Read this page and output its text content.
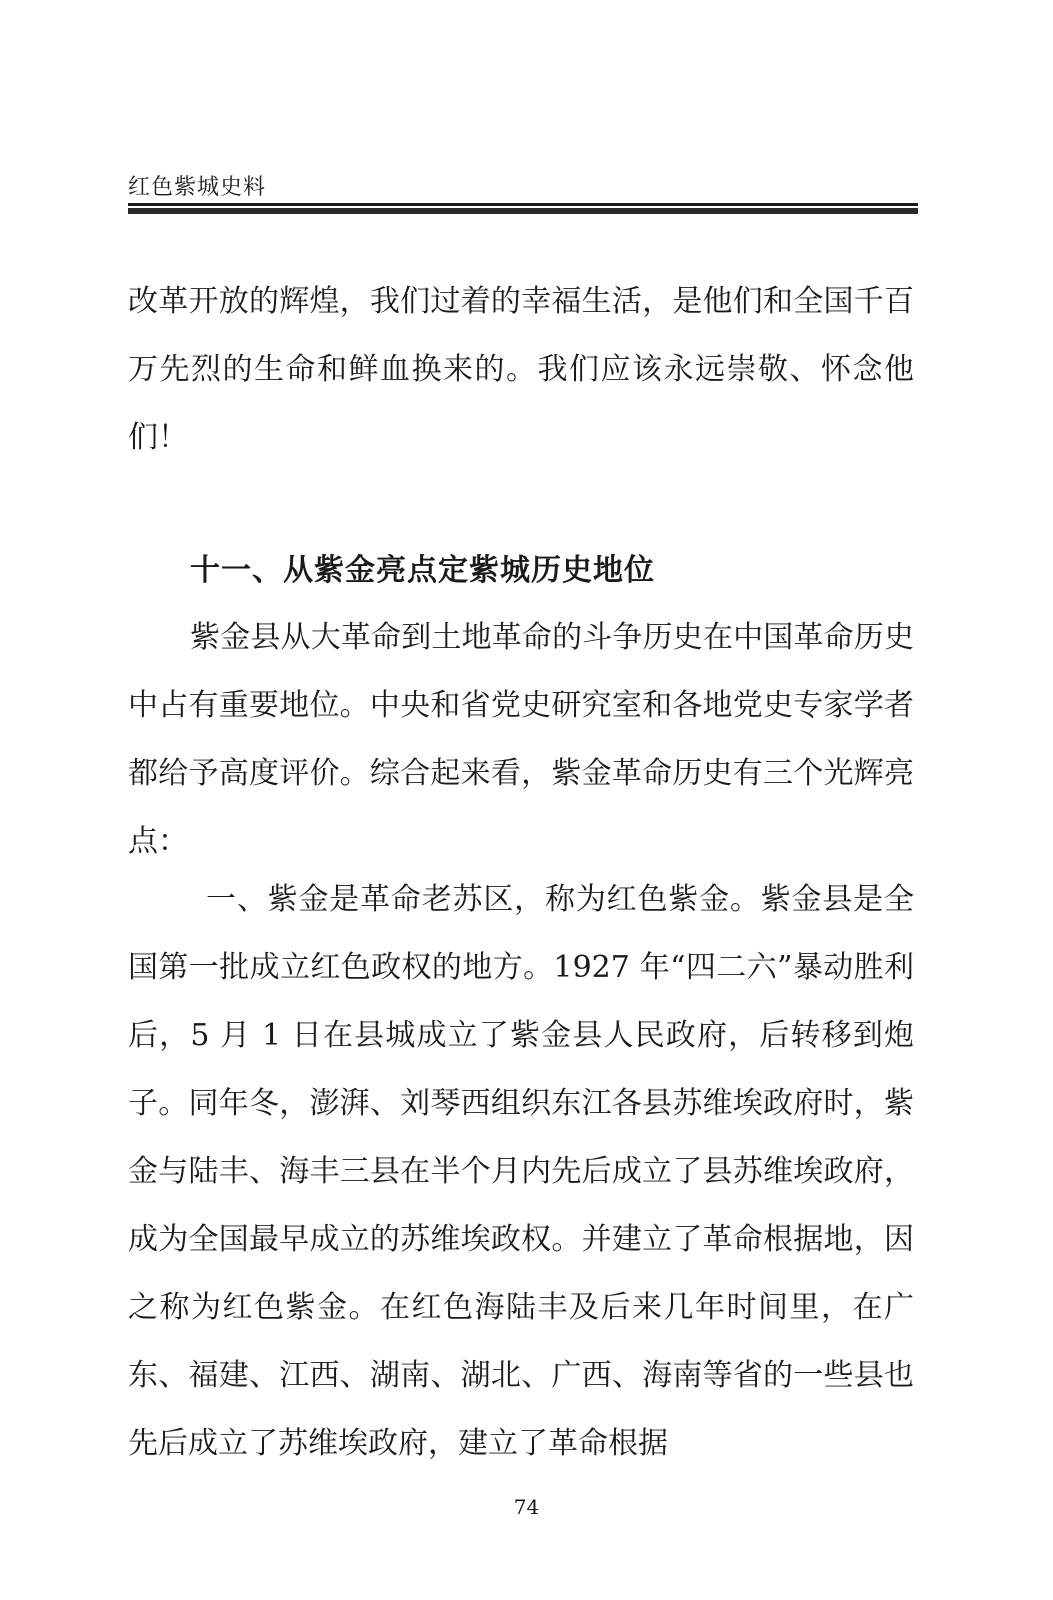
红色紫城史料

改革开放的辉煌，我们过着的幸福生活，是他们和全国千百万先烈的生命和鲜血换来的。我们应该永远崇敬、怀念他们！

十一、从紫金亮点定紫城历史地位

紫金县从大革命到土地革命的斗争历史在中国革命历史中占有重要地位。中央和省党史研究室和各地党史专家学者都给予高度评价。综合起来看，紫金革命历史有三个光辉亮点：

一、紫金是革命老苏区，称为红色紫金。紫金县是全国第一批成立红色政权的地方。1927 年“四二六”暴动胜利后，5 月 1 日在县城成立了紫金县人民政府，后转移到炮子。同年冬，澎湃、刘琴西组织东江各县苏维埃政府时，紫金与陆丰、海丰三县在半个月内先后成立了县苏维埃政府，成为全国最早成立的苏维埃政权。并建立了革命根据地，因之称为红色紫金。在红色海陆丰及后来几年时间里，在广东、福建、江西、湖南、湖北、广西、海南等省的一些县也先后成立了苏维埃政府，建立了革命根据

74
